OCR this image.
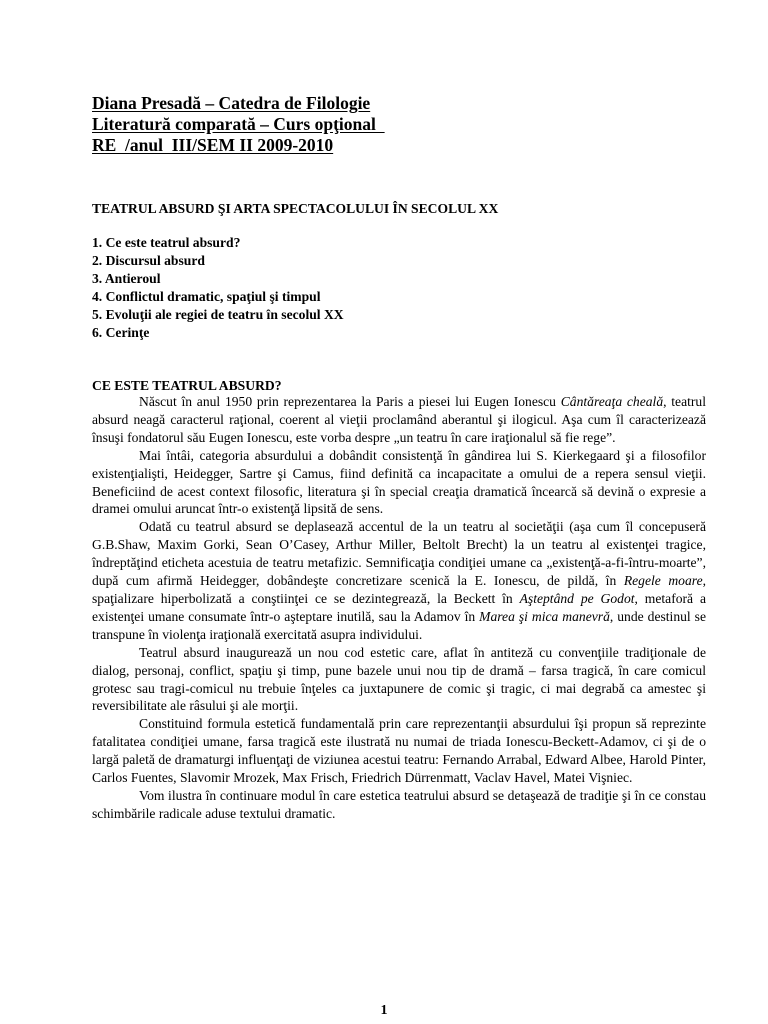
Diana Presadă – Catedra de Filologie
Literatură comparată – Curs opţional
RE  /anul  III/SEM II 2009-2010
TEATRUL ABSURD ŞI ARTA SPECTACOLULUI ÎN SECOLUL XX
1. Ce este teatrul absurd?
2. Discursul absurd
3. Antieroul
4. Conflictul dramatic, spaţiul şi timpul
5. Evoluţii ale regiei de teatru în secolul XX
6. Cerinţe
CE ESTE TEATRUL ABSURD?

Născut în anul 1950 prin reprezentarea la Paris a piesei lui Eugen Ionescu Cântăreaţa cheală, teatrul absurd neagă caracterul raţional, coerent al vieţii proclamând aberantul şi ilogicul. Aşa cum îl caracterizează însuşi fondatorul său Eugen Ionescu, este vorba despre „un teatru în care iraţionalul să fie rege”.

Mai întâi, categoria absurdului a dobândit consistenţă în gândirea lui S. Kierkegaard şi a filosofilor existenţialişti, Heidegger, Sartre şi Camus, fiind definită ca incapacitate a omului de a repera sensul vieţii. Beneficiind de acest context filosofic, literatura şi în special creaţia dramatică încearcă să devină o expresie a dramei omului aruncat într-o existenţă lipsită de sens.

Odată cu teatrul absurd se deplasează accentul de la un teatru al societăţii (aşa cum îl concepuseră G.B.Shaw, Maxim Gorki, Sean O’Casey, Arthur Miller, Beltolt Brecht) la un teatru al existenţei tragice, îndreptăţind eticheta acestuia de teatru metafizic. Semnificaţia condiţiei umane ca „existenţă-a-fi-întru-moarte”, după cum afirmă Heidegger, dobândeşte concretizare scenică la E. Ionescu, de pildă, în Regele moare, spaţializare hiperbolizată a conştiinţei ce se dezintegrează, la Beckett în Aşteptând pe Godot, metaforă a existenţei umane consumate într-o aşteptare inutilă, sau la Adamov în Marea şi mica manevră, unde destinul se transpune în violenţa iraţională exercitată asupra individului.

Teatrul absurd inaugurează un nou cod estetic care, aflat în antiteză cu convenţiile tradiţionale de dialog, personaj, conflict, spaţiu şi timp, pune bazele unui nou tip de dramă – farsa tragică, în care comicul grotesc sau tragi-comicul nu trebuie înţeles ca juxtapunere de comic şi tragic, ci mai degrabă ca amestec şi reversibilitate ale râsului şi ale morţii.

Constituind formula estetică fundamentală prin care reprezentanţii absurdului îşi propun să reprezinte fatalitatea condiţiei umane, farsa tragică este ilustrată nu numai de triada Ionescu-Beckett-Adamov, ci şi de o largă paletă de dramaturgi influenţaţi de viziunea acestui teatru: Fernando Arrabal, Edward Albee, Harold Pinter, Carlos Fuentes, Slavomir Mrozek, Max Frisch, Friedrich Dürrenmatt, Vaclav Havel, Matei Vişniec.

Vom ilustra în continuare modul în care estetica teatrului absurd se detaşează de tradiţie şi în ce constau schimbările radicale aduse textului dramatic.

1
